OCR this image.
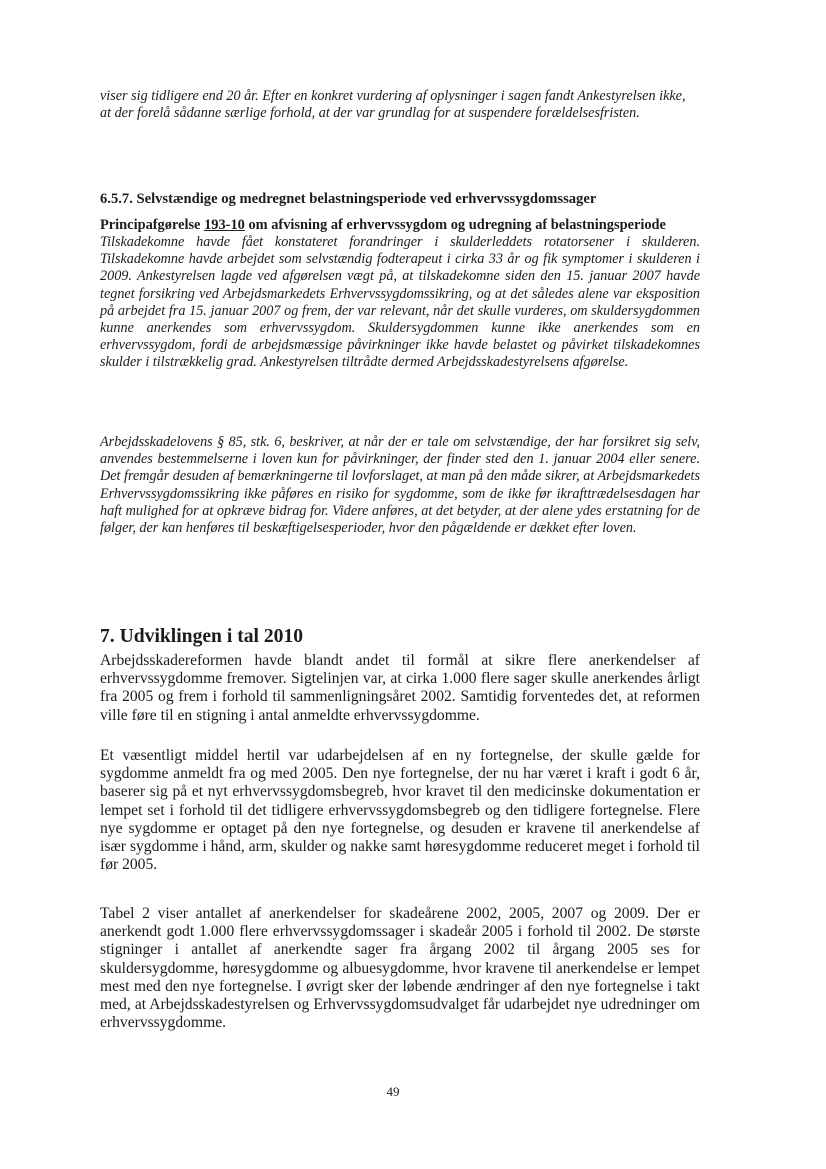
viser sig tidligere end 20 år. Efter en konkret vurdering af oplysninger i sagen fandt Ankestyrelsen ikke, at der forelå sådanne særlige forhold, at der var grundlag for at suspendere forældelsesfristen.

6.5.7. Selvstændige og medregnet belastningsperiode ved erhvervssygdomssager
Principafgørelse 193-10 om afvisning af erhvervssygdom og udregning af belastningsperiode

Tilskadekomne havde fået konstateret forandringer i skulderleddets rotatorsener i skulderen. Tilskadekomne havde arbejdet som selvstændig fodterapeut i cirka 33 år og fik symptomer i skulderen i 2009. Ankestyrelsen lagde ved afgørelsen vægt på, at tilskadekomne siden den 15. januar 2007 havde tegnet forsikring ved Arbejdsmarkedets Erhvervssygdomssikring, og at det således alene var eksposition på arbejdet fra 15. januar 2007 og frem, der var relevant, når det skulle vurderes, om skuldersygdommen kunne anerkendes som erhvervssygdom. Skuldersygdommen kunne ikke anerkendes som en erhvervssygdom, fordi de arbejdsmæssige påvirkninger ikke havde belastet og påvirket tilskadekomnes skulder i tilstrækkelig grad. Ankestyrelsen tiltrådte dermed Arbejdsskadestyrelsens afgørelse.

Arbejdsskadelovens § 85, stk. 6, beskriver, at når der er tale om selvstændige, der har forsikret sig selv, anvendes bestemmelserne i loven kun for påvirkninger, der finder sted den 1. januar 2004 eller senere. Det fremgår desuden af bemærkningerne til lovforslaget, at man på den måde sikrer, at Arbejdsmarkedets Erhvervssygdomssikring ikke påføres en risiko for sygdomme, som de ikke før ikrafttrædelsesdagen har haft mulighed for at opkræve bidrag for. Videre anføres, at det betyder, at der alene ydes erstatning for de følger, der kan henføres til beskæftigelsesperioder, hvor den pågældende er dækket efter loven.

7. Udviklingen i tal 2010

Arbejdsskadereformen havde blandt andet til formål at sikre flere anerkendelser af erhvervssygdomme fremover. Sigtelinjen var, at cirka 1.000 flere sager skulle anerkendes årligt fra 2005 og frem i forhold til sammenligningsåret 2002. Samtidig forventedes det, at reformen ville føre til en stigning i antal anmeldte erhvervssygdomme.

Et væsentligt middel hertil var udarbejdelsen af en ny fortegnelse, der skulle gælde for sygdomme anmeldt fra og med 2005. Den nye fortegnelse, der nu har været i kraft i godt 6 år, baserer sig på et nyt erhvervssygdomsbegreb, hvor kravet til den medicinske dokumentation er lempet set i forhold til det tidligere erhvervssygdomsbegreb og den tidligere fortegnelse. Flere nye sygdomme er optaget på den nye fortegnelse, og desuden er kravene til anerkendelse af især sygdomme i hånd, arm, skulder og nakke samt høresygdomme reduceret meget i forhold til før 2005.

Tabel 2 viser antallet af anerkendelser for skadeårene 2002, 2005, 2007 og 2009. Der er anerkendt godt 1.000 flere erhvervssygdomssager i skadeår 2005 i forhold til 2002. De største stigninger i antallet af anerkendte sager fra årgang 2002 til årgang 2005 ses for skuldersygdomme, høresygdomme og albuesygdomme, hvor kravene til anerkendelse er lempet mest med den nye fortegnelse. I øvrigt sker der løbende ændringer af den nye fortegnelse i takt med, at Arbejdsskadestyrelsen og Erhvervssygdomsudvalget får udarbejdet nye udredninger om erhvervssygdomme.

49
